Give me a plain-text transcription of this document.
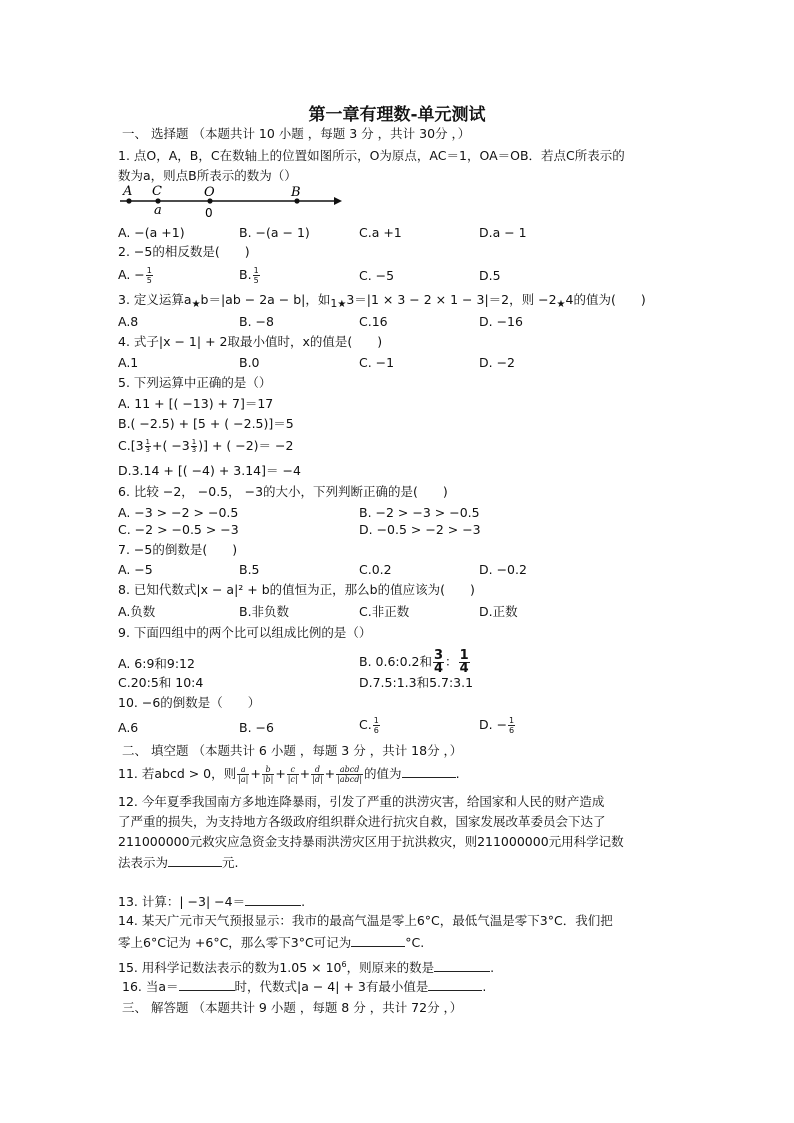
第一章有理数-单元测试
一、 选择题 （本题共计 10 小题 ，每题 3 分 ，共计 30分 ，）
1. 点O，A，B，C在数轴上的位置如图所示，O为原点，AC＝1，OA＝OB．若点C所表示的
数为a，则点B所表示的数为（）
A C	O	B
a	0
A. −(a +1)	B. −(a − 1)	C.a +1	D.a − 1
2. −5的相反数是(　　)
A. − $\frac{1}{5}$	B. $\frac{1}{5}$	C. −5	D.5
3. 定义运算$a_★b=|ab - 2a - b|$，如$1_★3=|1 \times 3 - 2 \times 1 - 3|=2$，则 $-2_★4$的值为(　　)
A.8	B. −8	C.16	D. −16
4. 式子|x − 1| + 2取最小值时，x的值是(　　)
A.1	B.0	C. −1	D. −2
5. 下列运算中正确的是（）
A. 11 + [( −13) + 7]＝17
B.( −2.5) + [5 + ( −2.5)]＝5
$C.[3 \frac{1}{3}$ +( $-3 \frac{1}{3}$ )] + ( −2)＝ −2
D.3.14 + [( −4) + 3.14]＝ −4
6. 比较 −2， −0.5， −3的大小，下列判断正确的是(　　)
A. −3 > −2 > −0.5	B. −2 > −3 > −0.5
C. −2 > −0.5 > −3	D. −0.5 > −2 > −3
7. −5的倒数是(　　)
A. −5	B.5	C.0.2	D. −0.2
8. 已知代数式|x − a|² + b的值恒为正，那么b的值应该为(　　)
A.负数	B.非负数	C.非正数	D.正数
9. 下面四组中的两个比可以组成比例的是（）
A. 6:9和9:12	B. 0.6:0.2和 $\frac{3}{4}$ ： $\frac{1}{4}$
C.20:5和 10:4	D.7.5:1.3和5.7:3.1
10. −6的倒数是（　　）
A.6	B. −6	C. $\frac{1}{6}$	D. − $\frac{1}{6}$
二、 填空题 （本题共计 6 小题 ，每题 3 分 ，共计 18分 ，）
11. 若abcd > 0，则 $\frac{a}{|a|} + \frac{b}{|b|} + \frac{c}{|c|} + \frac{d}{|d|} + \frac{\text{abcd}}{\text{|abcd|}}$ 的值为	.
12. 今年夏季我国南方多地连降暴雨，引发了严重的洪涝灾害，给国家和人民的财产造成
了严重的损失，为支持地方各级政府组织群众进行抗灾自救，国家发展改革委员会下达了
211000000元救灾应急资金支持暴雨洪涝灾区用于抗洪救灾，则211000000元用科学记数
法表示为	元.
13. 计算：| −3| −4＝	.
14. 某天广元市天气预报显示：我市的最高气温是零上6°C，最低气温是零下3°C．我们把
零上6°C记为 +6°C，那么零下3°C可记为	°C.
15. 用科学记数法表示的数为$1.05 \times 10^6$，则原来的数是	.
16. 当a＝	时，代数式|a − 4| + 3有最小值是	.
三、 解答题 （本题共计 9 小题 ，每题 8 分 ，共计 72分 ，）
